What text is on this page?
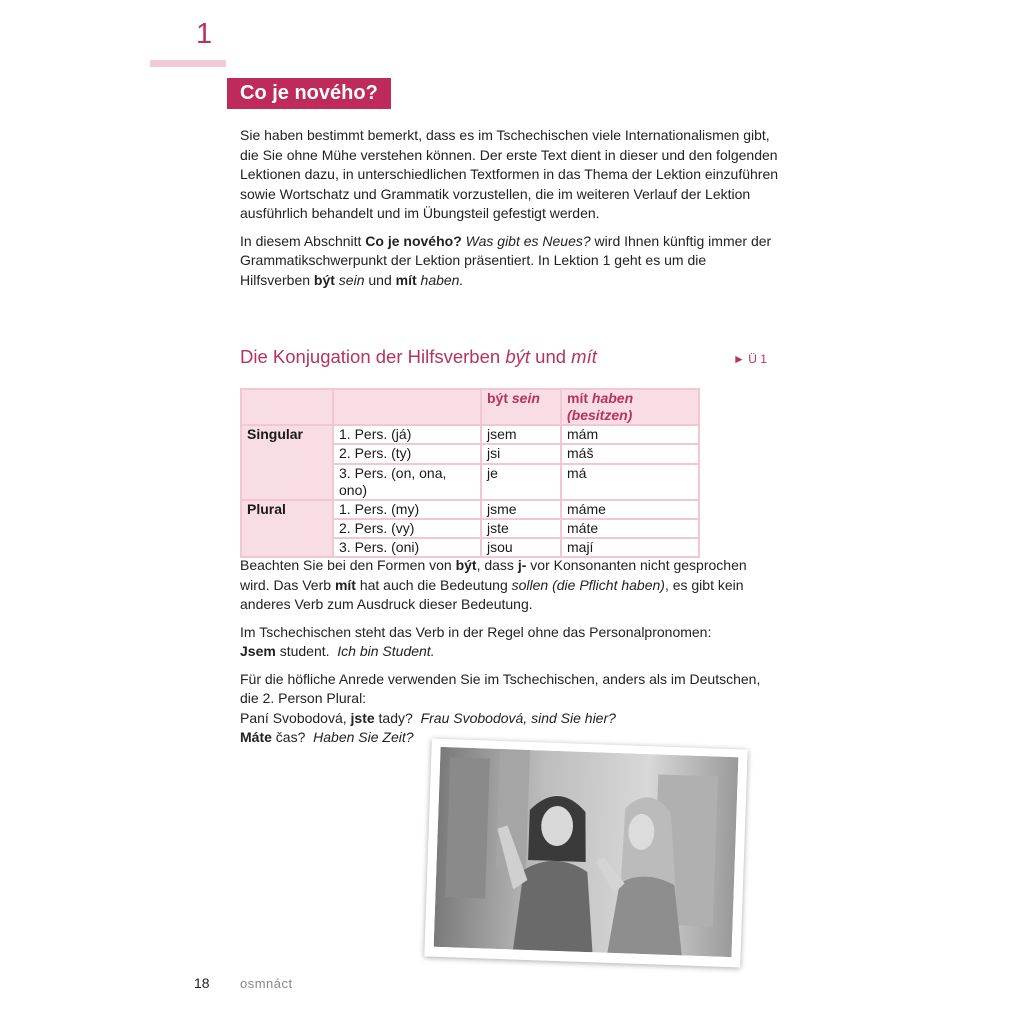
1
Co je nového?

Sie haben bestimmt bemerkt, dass es im Tschechischen viele Internationalismen gibt, die Sie ohne Mühe verstehen können. Der erste Text dient in dieser und den folgenden Lektionen dazu, in unterschiedlichen Textformen in das Thema der Lektion einzuführen sowie Wortschatz und Grammatik vorzustellen, die im weiteren Verlauf der Lektion ausführlich behandelt und im Übungsteil gefestigt werden.

In diesem Abschnitt Co je nového? Was gibt es Neues? wird Ihnen künftig immer der Grammatikschwerpunkt der Lektion präsentiert. In Lektion 1 geht es um die Hilfsverben být sein und mít haben.

Die Konjugation der Hilfsverben být und mít	► Ü 1
		být sein	mít haben (besitzen)
Singular	1. Pers. (já)	jsem	mám
	2. Pers. (ty)	jsi	máš
	3. Pers. (on, ona, ono)	je	má
Plural	1. Pers. (my)	jsme	máme
	2. Pers. (vy)	jste	máte
	3. Pers. (oni)	jsou	mají

Beachten Sie bei den Formen von být, dass j- vor Konsonanten nicht gesprochen wird. Das Verb mít hat auch die Bedeutung sollen (die Pflicht haben), es gibt kein anderes Verb zum Ausdruck dieser Bedeutung.

Im Tschechischen steht das Verb in der Regel ohne das Personalpronomen:
Jsem student. Ich bin Student.

Für die höfliche Anrede verwenden Sie im Tschechischen, anders als im Deutschen, die 2. Person Plural:
Paní Svobodová, jste tady? Frau Svobodová, sind Sie hier?
Máte čas? Haben Sie Zeit?

18 osmnáct
